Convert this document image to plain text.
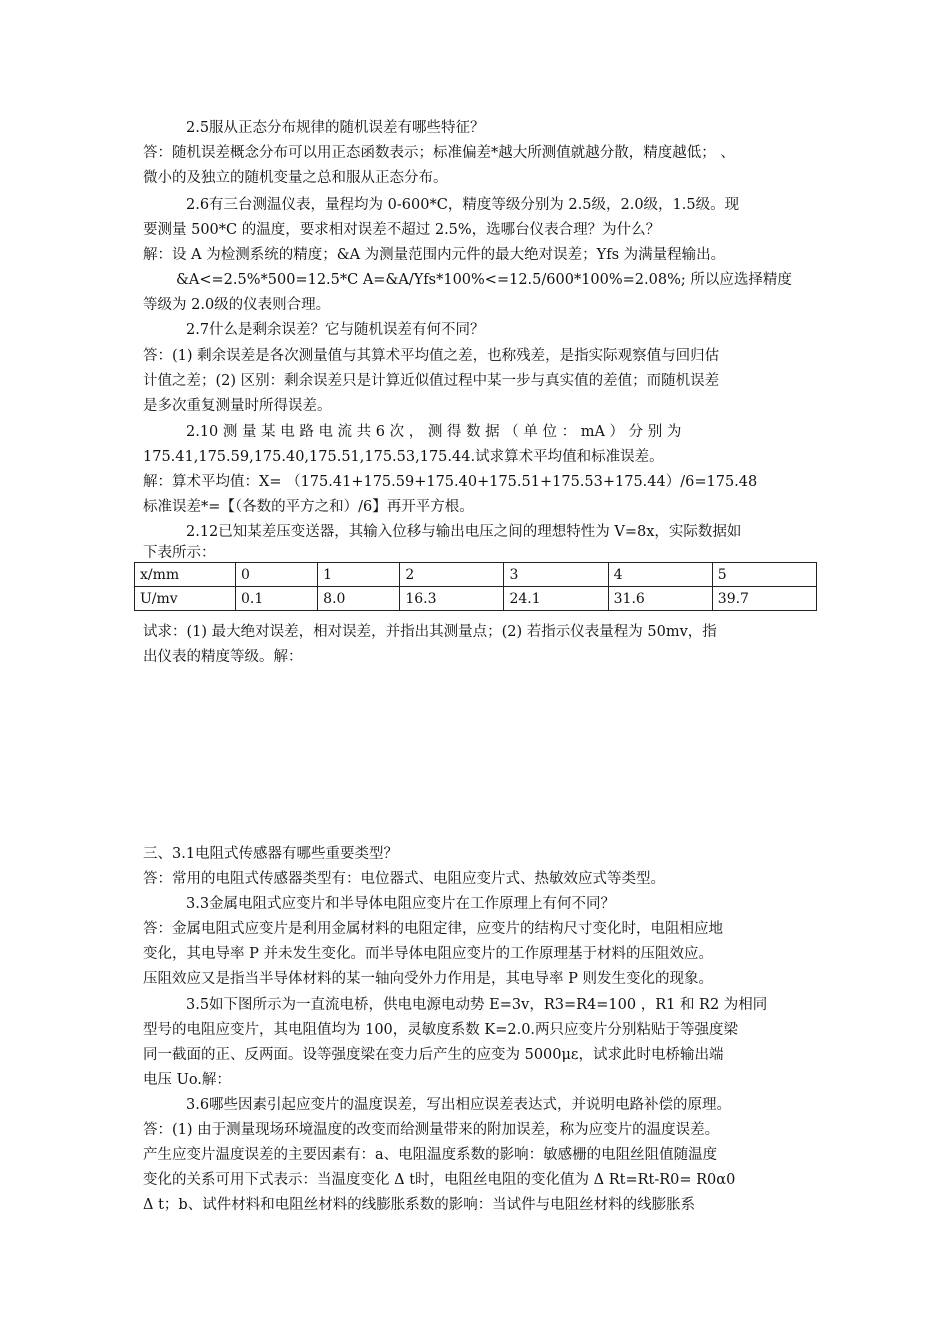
2.5服从正态分布规律的随机误差有哪些特征？
答：随机误差概念分布可以用正态函数表示；标准偏差*越大所测值就越分散，精度越低； 、
微小的及独立的随机变量之总和服从正态分布。
2.6有三台测温仪表，量程均为 0-600*C，精度等级分别为 2.5级，2.0级，1.5级。现
要测量 500*C 的温度，要求相对误差不超过 2.5%，选哪台仪表合理？为什么？
解：设 A 为检测系统的精度；&A 为测量范围内元件的最大绝对误差；Yfs 为满量程输出。
&A<=2.5%*500=12.5*C A=&A/Yfs*100%<=12.5/600*100%=2.08%; 所以应选择精度
等级为 2.0级的仪表则合理。
2.7什么是剩余误差？它与随机误差有何不同？
答：(1) 剩余误差是各次测量值与其算术平均值之差，也称残差，是指实际观察值与回归估
计值之差；(2) 区别：剩余误差只是计算近似值过程中某一步与真实值的差值；而随机误差
是多次重复测量时所得误差。
2.10 测 量 某 电 路 电 流 共 6 次 ， 测 得 数 据 （ 单 位 ： mA ） 分 别 为
175.41,175.59,175.40,175.51,175.53,175.44.试求算术平均值和标准误差。
解：算术平均值：X= （175.41+175.59+175.40+175.51+175.53+175.44）/6=175.48
标准误差*=【（各数的平方之和）/6】再开平方根。
2.12已知某差压变送器，其输入位移与输出电压之间的理想特性为 V=8x，实际数据如
下表所示：
x/mm	0	1	2	3	4	5
U/mv	0.1	8.0	16.3	24.1	31.6	39.7
试求：(1) 最大绝对误差，相对误差，并指出其测量点；(2) 若指示仪表量程为 50mv，指
出仪表的精度等级。解：
三、3.1电阻式传感器有哪些重要类型？
答：常用的电阻式传感器类型有：电位器式、电阻应变片式、热敏效应式等类型。
3.3金属电阻式应变片和半导体电阻应变片在工作原理上有何不同？
答：金属电阻式应变片是利用金属材料的电阻定律，应变片的结构尺寸变化时，电阻相应地
变化，其电导率 P 并未发生变化。而半导体电阻应变片的工作原理基于材料的压阻效应。
压阻效应又是指当半导体材料的某一轴向受外力作用是，其电导率 P 则发生变化的现象。
3.5如下图所示为一直流电桥，供电电源电动势 E=3v，R3=R4=100 ，R1 和 R2 为相同
型号的电阻应变片，其电阻值均为 100，灵敏度系数 K=2.0.两只应变片分别粘贴于等强度梁
同一截面的正、反两面。设等强度梁在变力后产生的应变为 5000με，试求此时电桥输出端
电压 Uo.解：
3.6哪些因素引起应变片的温度误差，写出相应误差表达式，并说明电路补偿的原理。
答：(1) 由于测量现场环境温度的改变而给测量带来的附加误差，称为应变片的温度误差。
产生应变片温度误差的主要因素有：a、电阻温度系数的影响：敏感栅的电阻丝阻值随温度
变化的关系可用下式表示：当温度变化 Δ t时，电阻丝电阻的变化值为 Δ Rt=Rt-R0= R0α0
Δ t；b、试件材料和电阻丝材料的线膨胀系数的影响：当试件与电阻丝材料的线膨胀系
